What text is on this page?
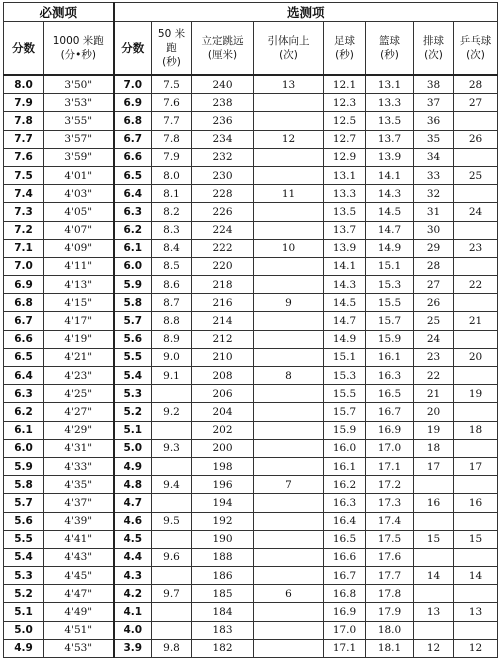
必测项		选测项							
分数	1000 米跑
(分•秒)	分数	50 米
跑
(秒)	立定跳远
(厘米)	引体向上
(次)	足球
(秒)	篮球
(秒)	排球
(次)	乒乓球
(次)
8.0	3'50"	7.0	7.5	240	13	12.1	13.1	38	28
7.9	3'53"	6.9	7.6	238		12.3	13.3	37	27
7.8	3'55"	6.8	7.7	236		12.5	13.5	36	
7.7	3'57"	6.7	7.8	234	12	12.7	13.7	35	26
7.6	3'59"	6.6	7.9	232		12.9	13.9	34	
7.5	4'01"	6.5	8.0	230		13.1	14.1	33	25
7.4	4'03"	6.4	8.1	228	11	13.3	14.3	32	
7.3	4'05"	6.3	8.2	226		13.5	14.5	31	24
7.2	4'07"	6.2	8.3	224		13.7	14.7	30	
7.1	4'09"	6.1	8.4	222	10	13.9	14.9	29	23
7.0	4'11"	6.0	8.5	220		14.1	15.1	28	
6.9	4'13"	5.9	8.6	218		14.3	15.3	27	22
6.8	4'15"	5.8	8.7	216	9	14.5	15.5	26	
6.7	4'17"	5.7	8.8	214		14.7	15.7	25	21
6.6	4'19"	5.6	8.9	212		14.9	15.9	24	
6.5	4'21"	5.5	9.0	210		15.1	16.1	23	20
6.4	4'23"	5.4	9.1	208	8	15.3	16.3	22	
6.3	4'25"	5.3		206		15.5	16.5	21	19
6.2	4'27"	5.2	9.2	204		15.7	16.7	20	
6.1	4'29"	5.1		202		15.9	16.9	19	18
6.0	4'31"	5.0	9.3	200		16.0	17.0	18	
5.9	4'33"	4.9		198		16.1	17.1	17	17
5.8	4'35"	4.8	9.4	196	7	16.2	17.2		
5.7	4'37"	4.7		194		16.3	17.3	16	16
5.6	4'39"	4.6	9.5	192		16.4	17.4		
5.5	4'41"	4.5		190		16.5	17.5	15	15
5.4	4'43"	4.4	9.6	188		16.6	17.6		
5.3	4'45"	4.3		186		16.7	17.7	14	14
5.2	4'47"	4.2	9.7	185	6	16.8	17.8		
5.1	4'49"	4.1		184		16.9	17.9	13	13
5.0	4'51"	4.0		183		17.0	18.0		
4.9	4'53"	3.9	9.8	182		17.1	18.1	12	12
